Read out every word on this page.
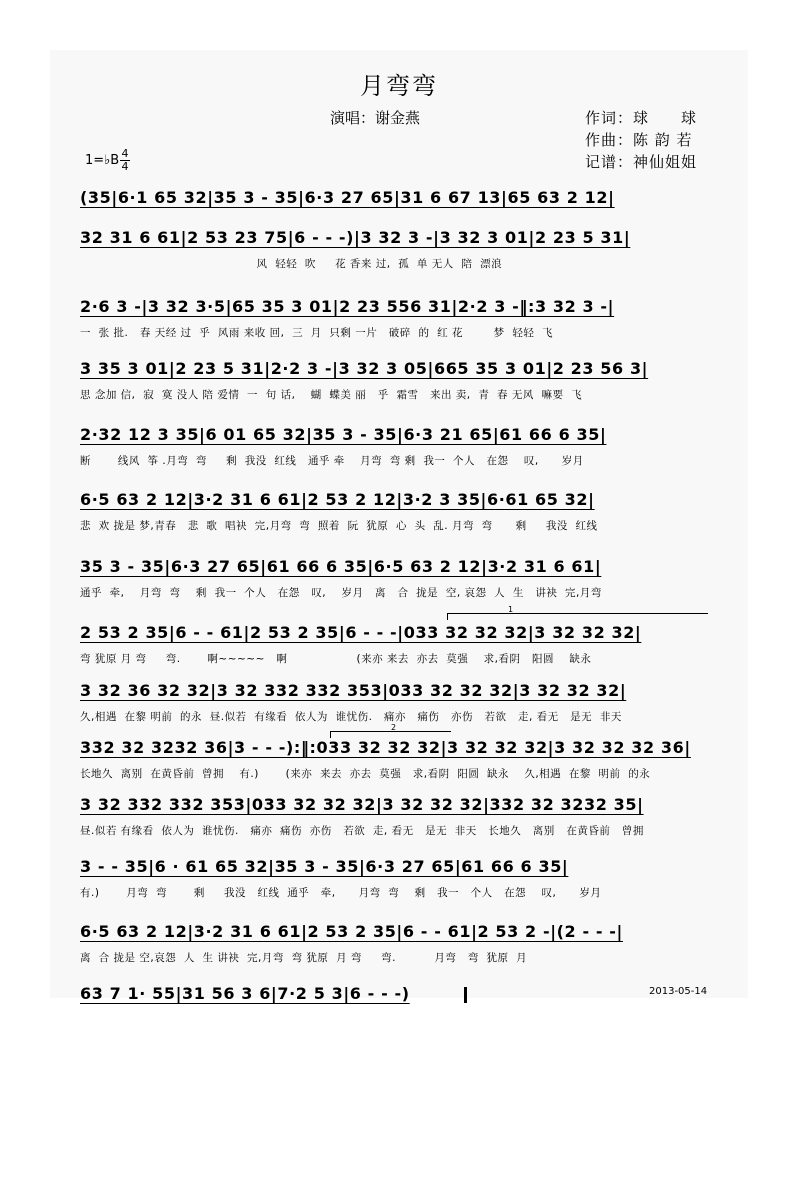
月弯弯
演唱：谢金燕	作词：球　　球
作曲：陈 韵 若
记谱：神仙姐姐
1=♭B 4
4
(35|6·1 65 32|35 3 - 35|6·3 27 65|31 6 67 13|65 63 2 12|
32 31 6 61|2 53 23 75|6 - - -)|3 32 3 -|3 32 3 01|2 23 5 31|
风  轻轻  吹     花 香来 过,  孤  单 无人  陪  漂浪
2·6 3 -|3 32 3·5|65 35 3 01|2 23 556 31|2·2 3 -‖:3 32 3 -|
一  张 批.   春 天经 过  乎  风雨 来收 回,  三  月  只剩 一片   破碎  的  红 花        梦  轻轻  飞
3 35 3 01|2 23 5 31|2·2 3 -|3 32 3 05|665 35 3 01|2 23 56 3|
思 念加 信,  寂  寞 没人 陪 爱情  一  句 话,    蝴  蝶美 丽   乎  霜雪   来出 卖,  青  春 无风  嘛要  飞
2·32 12 3 35|6 01 65 32|35 3 - 35|6·3 21 65|61 66 6 35|
断       线风  筝 .月弯  弯     剩  我没  红线   通乎 牵    月弯  弯 剩  我一  个人   在怨    叹,      岁月
6·5 63 2 12|3·2 31 6 61|2 53 2 12|3·2 3 35|6·61 65 32|
悲  欢 拢是 梦,青春   悲  歌  唱袂  完,月弯  弯  照着  阮  犹原  心  头  乱. 月弯  弯      剩     我没  红线
35 3 - 35|6·3 27 65|61 66 6 35|6·5 63 2 12|3·2 31 6 61|
通乎  牵,    月弯  弯    剩  我一  个人   在怨   叹,    岁月   离   合  拢是  空, 哀怨  人  生   讲袂  完,月弯
1
2 53 2 35|6 - - 61|2 53 2 35|6 - - -|033 32 32 32|3 32 32 32|
弯 犹原 月 弯     弯.       啊~~~~~   啊                  (来亦 来去  亦去  莫强    求,看阴   阳圆    缺永
3 32 36 32 32|3 32 332 332 353|033 32 32 32|3 32 32 32|
久,相遇  在黎 明前  的永  昼.似若  有缘看  依人为  谁忧伤.   痛亦   痛伤   亦伤   若欲   走, 看无   是无  非天
2
332 32 3232 36|3 - - -):‖:033 32 32 32|3 32 32 32|3 32 32 32 36|
长地久  离别  在黄昏前  曾拥    有.)       (来亦  来去  亦去  莫强   求,看阴  阳圆  缺永    久,相遇  在黎  明前  的永
3 32 332 332 353|033 32 32 32|3 32 32 32|332 32 3232 35|
昼.似若 有缘看  依人为  谁忧伤.   痛亦  痛伤  亦伤   若欲  走, 看无   是无  非天   长地久   离别   在黄昏前   曾拥
3 - - 35|6 · 61 65 32|35 3 - 35|6·3 27 65|61 66 6 35|
有.)       月弯  弯       剩     我没   红线  通乎   牵,      月弯  弯    剩   我一   个人   在怨    叹,      岁月
6·5 63 2 12|3·2 31 6 61|2 53 2 35|6 - - 61|2 53 2 -|(2 - - -|
离  合 拢是 空,哀怨  人  生 讲袂  完,月弯  弯 犹原  月 弯     弯.          月弯   弯  犹原  月
63 7 1· 55|31 56 3 6|7·2 5 3|6 - - -)	2013-05-14
